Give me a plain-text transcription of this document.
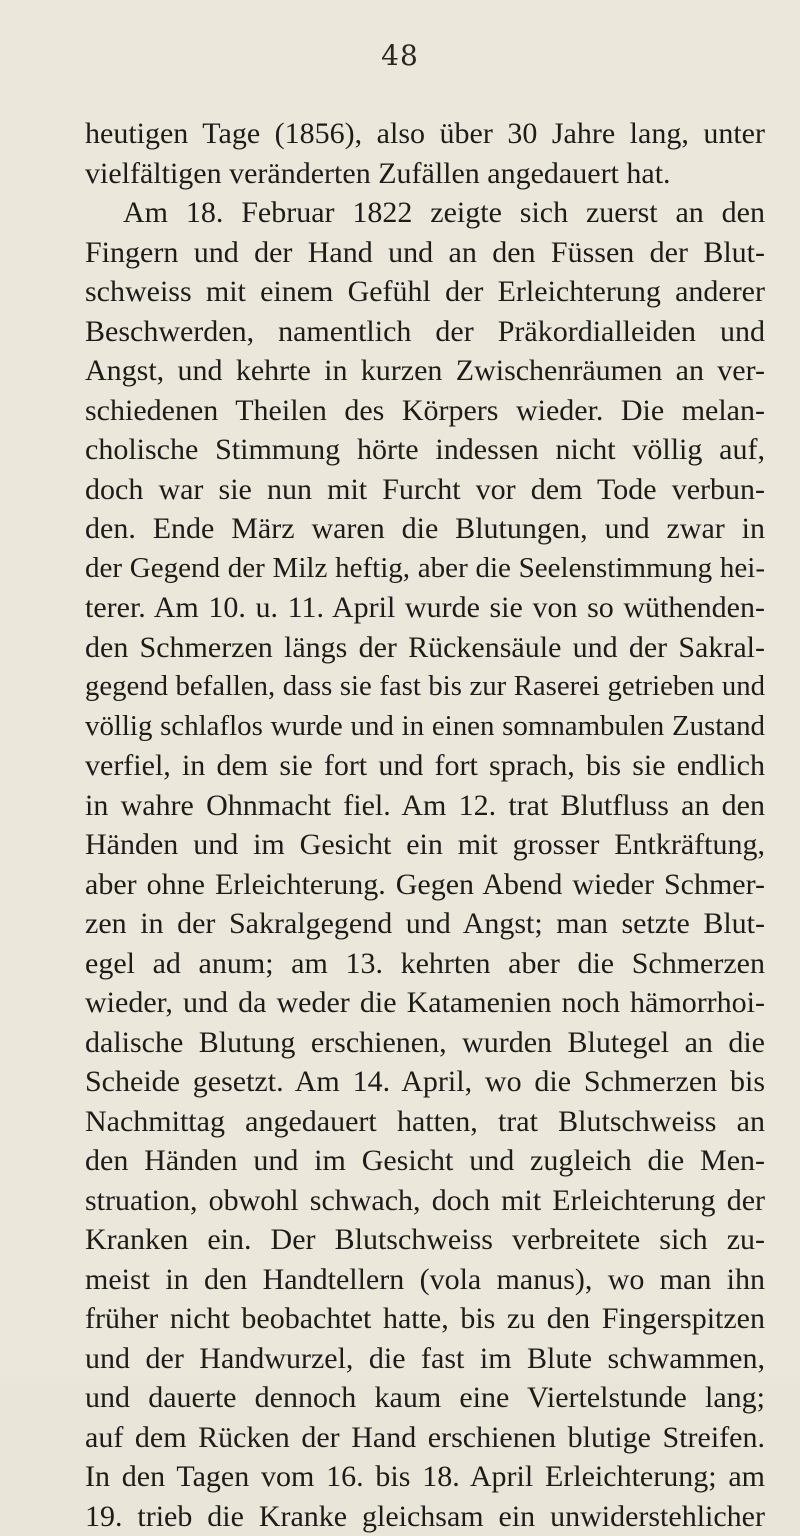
48
heutigen Tage (1856), also über 30 Jahre lang, unter
vielfältigen veränderten Zufällen angedauert hat.
Am 18. Februar 1822 zeigte sich zuerst an den
Fingern und der Hand und an den Füssen der Blut-
schweiss mit einem Gefühl der Erleichterung anderer
Beschwerden, namentlich der Präkordialleiden und
Angst, und kehrte in kurzen Zwischenräumen an ver-
schiedenen Theilen des Körpers wieder. Die melan-
cholische Stimmung hörte indessen nicht völlig auf,
doch war sie nun mit Furcht vor dem Tode verbun-
den. Ende März waren die Blutungen, und zwar in
der Gegend der Milz heftig, aber die Seelenstimmung hei-
terer. Am 10. u. 11. April wurde sie von so wüthenden-
den Schmerzen längs der Rückensäule und der Sakral-
gegend befallen, dass sie fast bis zur Raserei getrieben und
völlig schlaflos wurde und in einen somnambulen Zustand
verfiel, in dem sie fort und fort sprach, bis sie endlich
in wahre Ohnmacht fiel. Am 12. trat Blutfluss an den
Händen und im Gesicht ein mit grosser Entkräftung,
aber ohne Erleichterung. Gegen Abend wieder Schmer-
zen in der Sakralgegend und Angst; man setzte Blut-
egel ad anum; am 13. kehrten aber die Schmerzen
wieder, und da weder die Katamenien noch hämorrhoi-
dalische Blutung erschienen, wurden Blutegel an die
Scheide gesetzt. Am 14. April, wo die Schmerzen bis
Nachmittag angedauert hatten, trat Blutschweiss an
den Händen und im Gesicht und zugleich die Men-
struation, obwohl schwach, doch mit Erleichterung der
Kranken ein. Der Blutschweiss verbreitete sich zu-
meist in den Handtellern (vola manus), wo man ihn
früher nicht beobachtet hatte, bis zu den Fingerspitzen
und der Handwurzel, die fast im Blute schwammen,
und dauerte dennoch kaum eine Viertelstunde lang;
auf dem Rücken der Hand erschienen blutige Streifen.
In den Tagen vom 16. bis 18. April Erleichterung; am
19. trieb die Kranke gleichsam ein unwiderstehlicher
